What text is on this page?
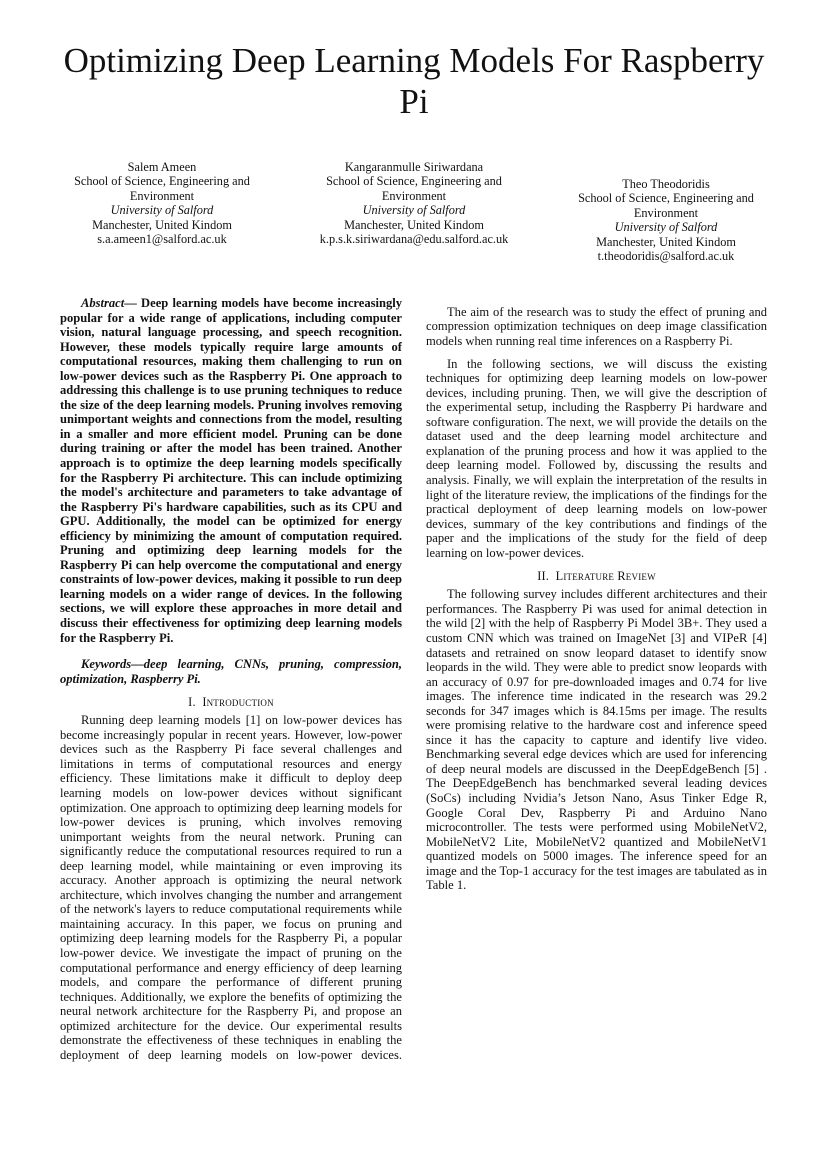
Optimizing Deep Learning Models For Raspberry Pi
Salem Ameen
School of Science, Engineering and
Environment
University of Salford
Manchester, United Kindom
s.a.ameen1@salford.ac.uk
Kangaranmulle Siriwardana
School of Science, Engineering and
Environment
University of Salford
Manchester, United Kindom
k.p.s.k.siriwardana@edu.salford.ac.uk
Theo Theodoridis
School of Science, Engineering and
Environment
University of Salford
Manchester, United Kindom
t.theodoridis@salford.ac.uk

Abstract— Deep learning models have become increasingly popular for a wide range of applications, including computer vision, natural language processing, and speech recognition. However, these models typically require large amounts of computational resources, making them challenging to run on low-power devices such as the Raspberry Pi. One approach to addressing this challenge is to use pruning techniques to reduce the size of the deep learning models. Pruning involves removing unimportant weights and connections from the model, resulting in a smaller and more efficient model. Pruning can be done during training or after the model has been trained. Another approach is to optimize the deep learning models specifically for the Raspberry Pi architecture. This can include optimizing the model's architecture and parameters to take advantage of the Raspberry Pi's hardware capabilities, such as its CPU and GPU. Additionally, the model can be optimized for energy efficiency by minimizing the amount of computation required. Pruning and optimizing deep learning models for the Raspberry Pi can help overcome the computational and energy constraints of low-power devices, making it possible to run deep learning models on a wider range of devices. In the following sections, we will explore these approaches in more detail and discuss their effectiveness for optimizing deep learning models for the Raspberry Pi.

Keywords—deep learning, CNNs, pruning, compression, optimization, Raspberry Pi.

I. Introduction

Running deep learning models [1] on low-power devices has become increasingly popular in recent years. However, low-power devices such as the Raspberry Pi face several challenges and limitations in terms of computational resources and energy efficiency. These limitations make it difficult to deploy deep learning models on low-power devices without significant optimization. One approach to optimizing deep learning models for low-power devices is pruning, which involves removing unimportant weights from the neural network. Pruning can significantly reduce the computational resources required to run a deep learning model, while maintaining or even improving its accuracy. Another approach is optimizing the neural network architecture, which involves changing the number and arrangement of the network's layers to reduce computational requirements while maintaining accuracy. In this paper, we focus on pruning and optimizing deep learning models for the Raspberry Pi, a popular low-power device. We investigate the impact of pruning on the computational performance and energy efficiency of deep learning models, and compare the performance of different pruning techniques. Additionally, we explore the benefits of optimizing the neural network architecture for the Raspberry Pi, and propose an optimized architecture for the device. Our experimental results demonstrate the effectiveness of these techniques in enabling the deployment of deep learning models on low-power devices.

The aim of the research was to study the effect of pruning and compression optimization techniques on deep image classification models when running real time inferences on a Raspberry Pi.

In the following sections, we will discuss the existing techniques for optimizing deep learning models on low-power devices, including pruning. Then, we will give the description of the experimental setup, including the Raspberry Pi hardware and software configuration. The next, we will provide the details on the dataset used and the deep learning model architecture and explanation of the pruning process and how it was applied to the deep learning model. Followed by, discussing the results and analysis. Finally, we will explain the interpretation of the results in light of the literature review, the implications of the findings for the practical deployment of deep learning models on low-power devices, summary of the key contributions and findings of the paper and the implications of the study for the field of deep learning on low-power devices.

II. Literature Review

The following survey includes different architectures and their performances. The Raspberry Pi was used for animal detection in the wild [2] with the help of Raspberry Pi Model 3B+. They used a custom CNN which was trained on ImageNet [3] and VIPeR [4] datasets and retrained on snow leopard dataset to identify snow leopards in the wild. They were able to predict snow leopards with an accuracy of 0.97 for pre-downloaded images and 0.74 for live images. The inference time indicated in the research was 29.2 seconds for 347 images which is 84.15ms per image. The results were promising relative to the hardware cost and inference speed since it has the capacity to capture and identify live video. Benchmarking several edge devices which are used for inferencing of deep neural models are discussed in the DeepEdgeBench [5] . The DeepEdgeBench has benchmarked several leading devices (SoCs) including Nvidia’s Jetson Nano, Asus Tinker Edge R, Google Coral Dev, Raspberry Pi and Arduino Nano microcontroller. The tests were performed using MobileNetV2, MobileNetV2 Lite, MobileNetV2 quantized and MobileNetV1 quantized models on 5000 images. The inference speed for an image and the Top-1 accuracy for the test images are tabulated as in Table 1.
